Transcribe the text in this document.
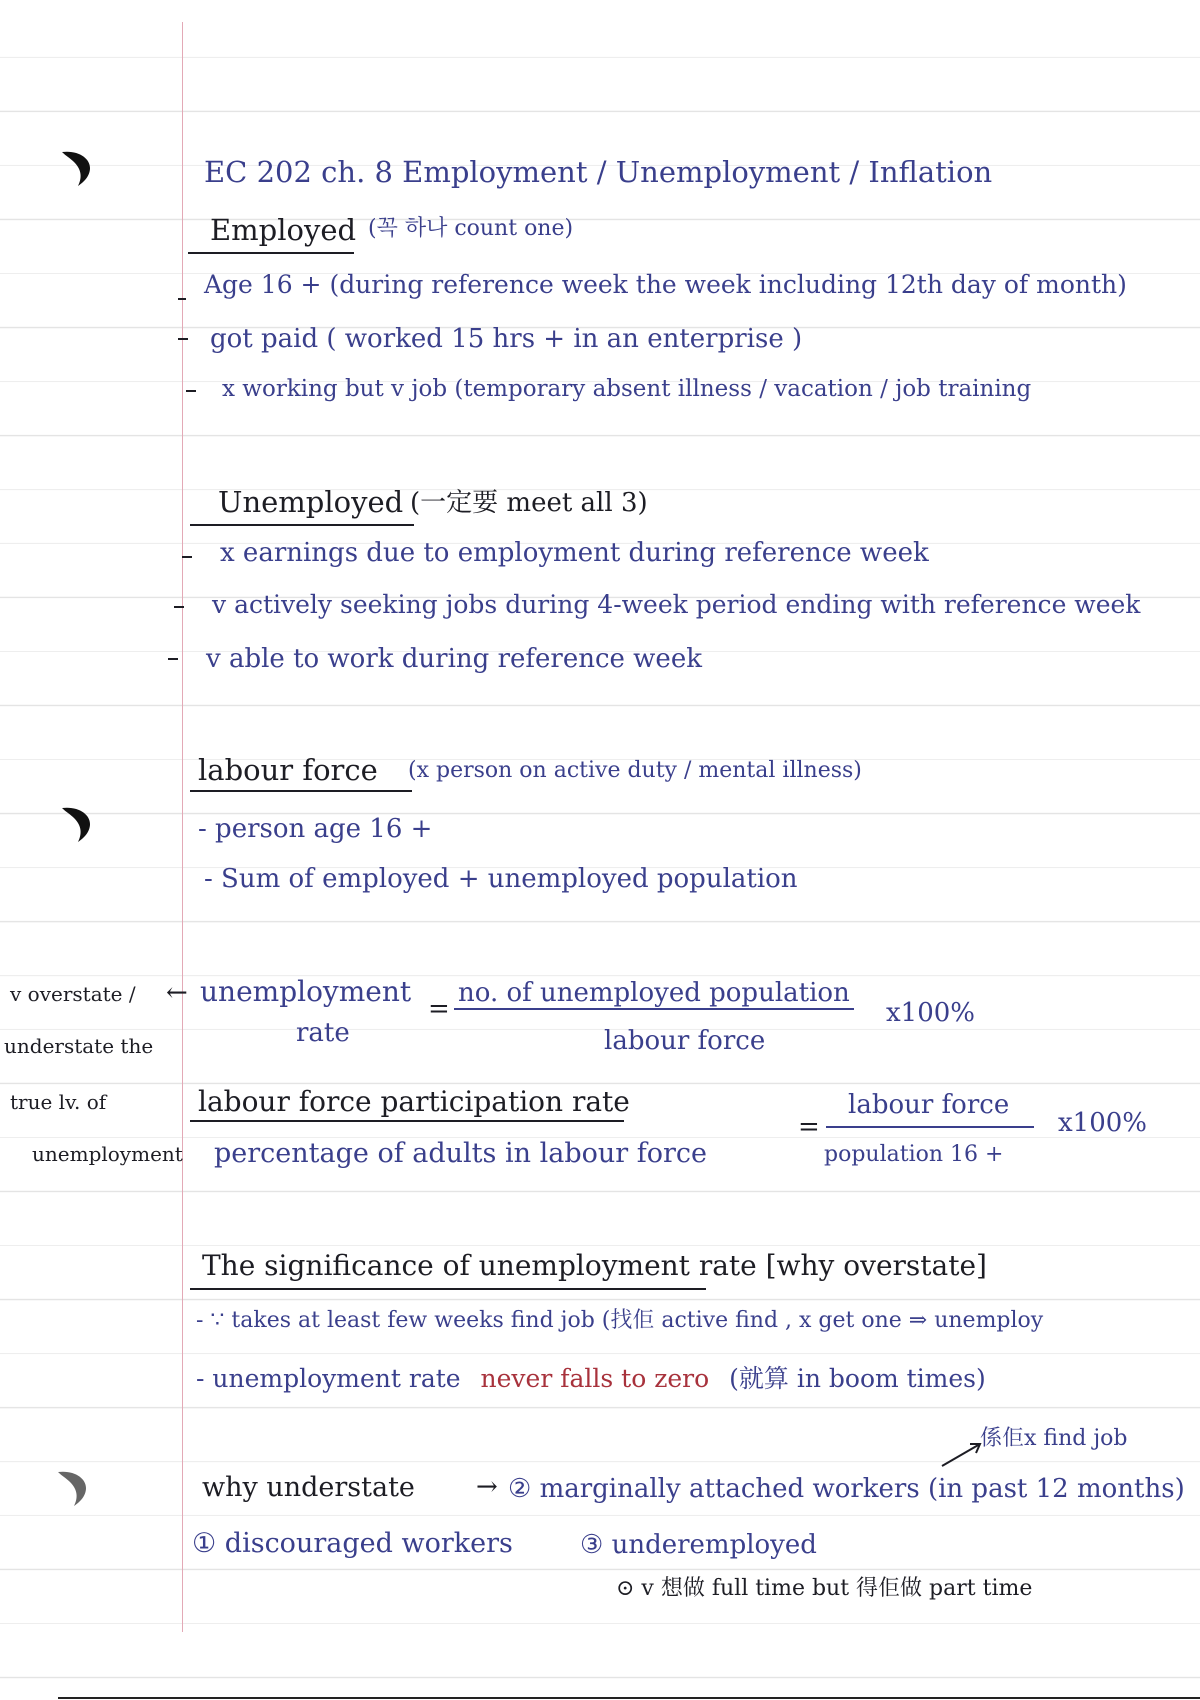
EC 202 ch. 8 Employment / Unemployment / Inflation
Employed (꼭 하나 count one)
Age 16 + (during reference week the week including 12th day of month)
got paid ( worked 15 hrs + in an enterprise )
x working but v job (temporary absent illness / vacation / job training
Unemployed (一定要 meet all 3)
x earnings due to employment during reference week
v actively seeking jobs during 4-week period ending with reference week
v able to work during reference week
labour force (x person on active duty / mental illness)
- person age 16 +
- Sum of employed + unemployed population
v overstate /
understate the
true lv. of
unemployment
← unemployment
rate
=
no. of unemployed population
labour force
x100%
labour force participation rate
percentage of adults in labour force
=
labour force
population 16 +
x100%
The significance of unemployment rate [why overstate]
- ∵ takes at least few weeks find job (找佢 active find , x get one ⇒ unemploy
- unemployment rate never falls to zero (就算 in boom times)
係佢x find job
why understate → ② marginally attached workers (in past 12 months)
① discouraged workers	③ underemployed
⊙ v 想做 full time but 得佢做 part time
